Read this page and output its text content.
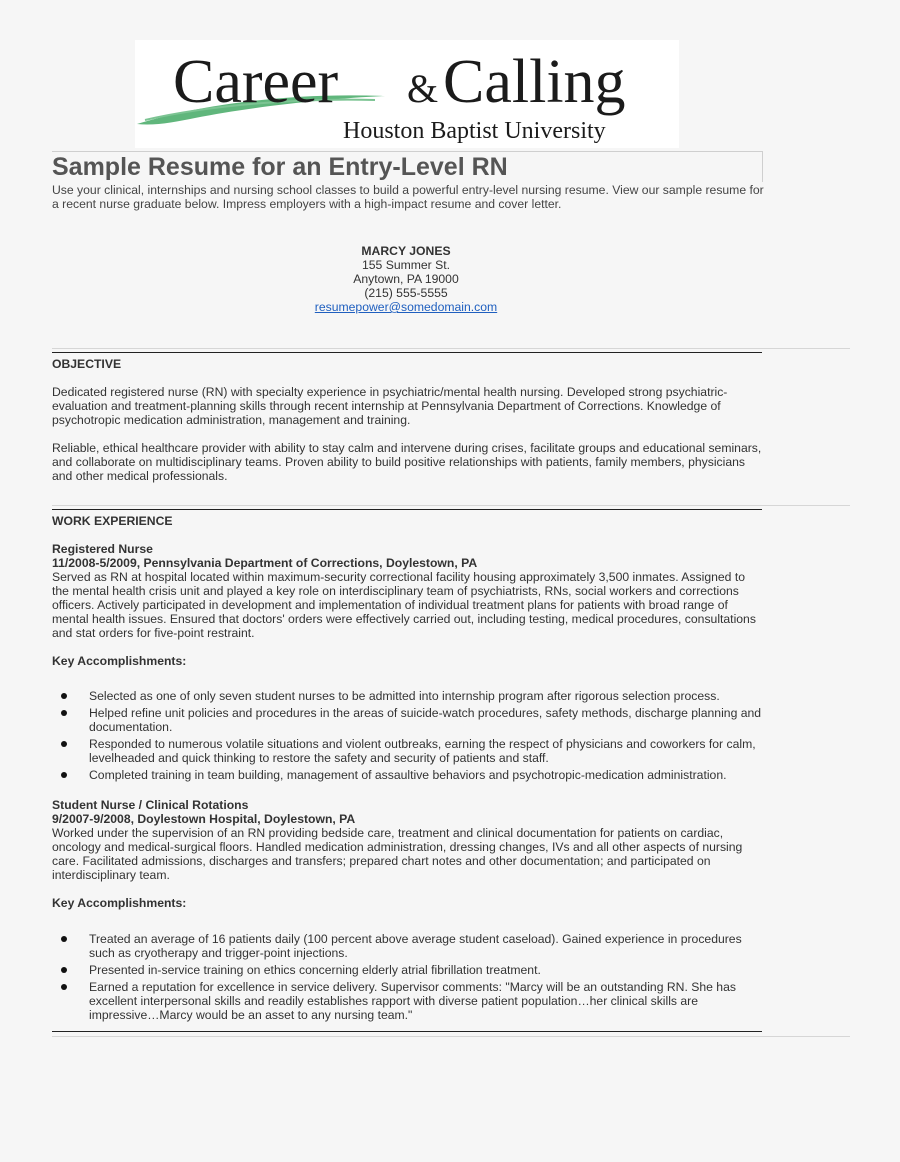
Career & Calling
Houston Baptist University
Sample Resume for an Entry-Level RN
Use your clinical, internships and nursing school classes to build a powerful entry-level nursing resume. View our sample resume for a recent nurse graduate below. Impress employers with a high-impact resume and cover letter.
MARCY JONES
155 Summer St.
Anytown, PA 19000
(215) 555-5555
resumepower@somedomain.com
OBJECTIVE
Dedicated registered nurse (RN) with specialty experience in psychiatric/mental health nursing. Developed strong psychiatric-evaluation and treatment-planning skills through recent internship at Pennsylvania Department of Corrections. Knowledge of psychotropic medication administration, management and training.
Reliable, ethical healthcare provider with ability to stay calm and intervene during crises, facilitate groups and educational seminars, and collaborate on multidisciplinary teams. Proven ability to build positive relationships with patients, family members, physicians and other medical professionals.
WORK EXPERIENCE
Registered Nurse
11/2008-5/2009, Pennsylvania Department of Corrections, Doylestown, PA
Served as RN at hospital located within maximum-security correctional facility housing approximately 3,500 inmates. Assigned to the mental health crisis unit and played a key role on interdisciplinary team of psychiatrists, RNs, social workers and corrections officers. Actively participated in development and implementation of individual treatment plans for patients with broad range of mental health issues. Ensured that doctors' orders were effectively carried out, including testing, medical procedures, consultations and stat orders for five-point restraint.
Key Accomplishments:
Selected as one of only seven student nurses to be admitted into internship program after rigorous selection process.
Helped refine unit policies and procedures in the areas of suicide-watch procedures, safety methods, discharge planning and documentation.
Responded to numerous volatile situations and violent outbreaks, earning the respect of physicians and coworkers for calm, levelheaded and quick thinking to restore the safety and security of patients and staff.
Completed training in team building, management of assaultive behaviors and psychotropic-medication administration.
Student Nurse / Clinical Rotations
9/2007-9/2008, Doylestown Hospital, Doylestown, PA
Worked under the supervision of an RN providing bedside care, treatment and clinical documentation for patients on cardiac, oncology and medical-surgical floors. Handled medication administration, dressing changes, IVs and all other aspects of nursing care. Facilitated admissions, discharges and transfers; prepared chart notes and other documentation; and participated on interdisciplinary team.
Key Accomplishments:
Treated an average of 16 patients daily (100 percent above average student caseload). Gained experience in procedures such as cryotherapy and trigger-point injections.
Presented in-service training on ethics concerning elderly atrial fibrillation treatment.
Earned a reputation for excellence in service delivery. Supervisor comments: "Marcy will be an outstanding RN. She has excellent interpersonal skills and readily establishes rapport with diverse patient population…her clinical skills are impressive…Marcy would be an asset to any nursing team."
